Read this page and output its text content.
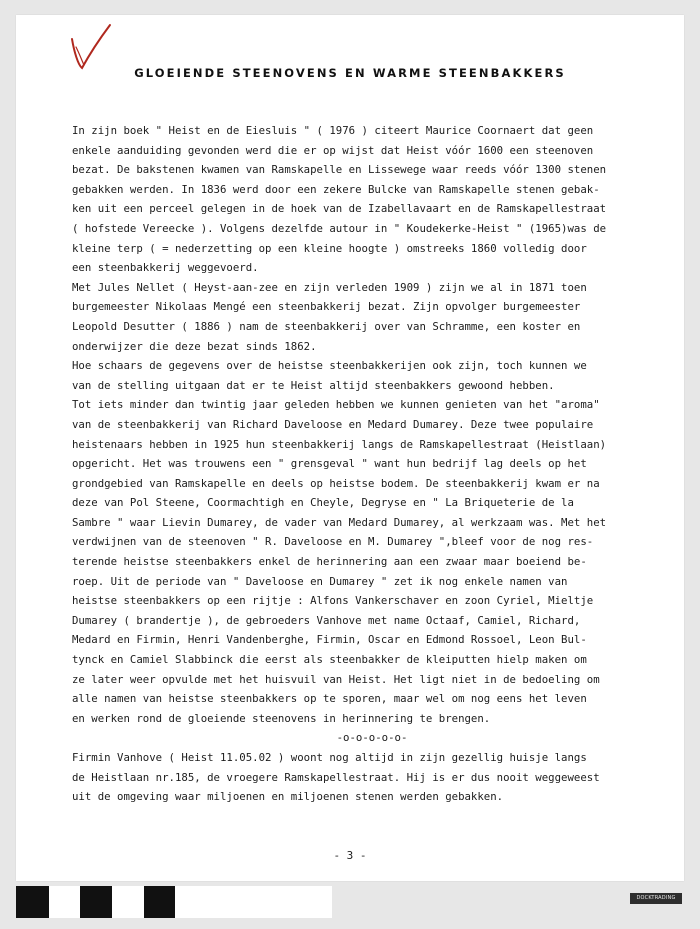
GLOEIENDE STEENOVENS EN WARME STEENBAKKERS
In zijn boek " Heist en de Eiesluis " ( 1976 ) citeert Maurice Coornaert dat geen
enkele aanduiding gevonden werd die er op wijst dat Heist vóór 1600 een steenoven
bezat. De bakstenen kwamen van Ramskapelle en Lissewege waar reeds vóór 1300 stenen
gebakken werden. In 1836 werd door een zekere Bulcke van Ramskapelle stenen gebak-
ken uit een perceel gelegen in de hoek van de Izabellavaart en de Ramskapellestraat
( hofstede Vereecke ). Volgens dezelfde autour in " Koudekerke-Heist " (1965)was de
kleine terp ( = nederzetting op een kleine hoogte ) omstreeks 1860 volledig door
een steenbakkerij weggevoerd.
Met Jules Nellet ( Heyst-aan-zee en zijn verleden 1909 ) zijn we al in 1871 toen
burgemeester Nikolaas Mengé een steenbakkerij bezat. Zijn opvolger burgemeester
Leopold Desutter ( 1886 ) nam de steenbakkerij over van Schramme, een koster en
onderwijzer die deze bezat sinds 1862.
Hoe schaars de gegevens over de heistse steenbakkerijen ook zijn, toch kunnen we
van de stelling uitgaan dat er te Heist altijd steenbakkers gewoond hebben.
Tot iets minder dan twintig jaar geleden hebben we kunnen genieten van het "aroma"
van de steenbakkerij van Richard Daveloose en Medard Dumarey. Deze twee populaire
heistenaars hebben in 1925 hun steenbakkerij langs de Ramskapellestraat (Heistlaan)
opgericht. Het was trouwens een " grensgeval " want hun bedrijf lag deels op het
grondgebied van Ramskapelle en deels op heistse bodem. De steenbakkerij kwam er na
deze van Pol Steene, Coormachtigh en Cheyle, Degryse en " La Briqueterie de la
Sambre " waar Lievin Dumarey, de vader van Medard Dumarey, al werkzaam was. Met het
verdwijnen van de steenoven " R. Daveloose en M. Dumarey ",bleef voor de nog res-
terende heistse steenbakkers enkel de herinnering aan een zwaar maar boeiend be-
roep. Uit de periode van " Daveloose en Dumarey " zet ik nog enkele namen van
heistse steenbakkers op een rijtje : Alfons Vankerschaver en zoon Cyriel, Mieltje
Dumarey ( brandertje ), de gebroeders Vanhove met name Octaaf, Camiel, Richard,
Medard en Firmin, Henri Vandenberghe, Firmin, Oscar en Edmond Rossoel, Leon Bul-
tynck en Camiel Slabbinck die eerst als steenbakker de kleiputten hielp maken om
ze later weer opvulde met het huisvuil van Heist. Het ligt niet in de bedoeling om
alle namen van heistse steenbakkers op te sporen, maar wel om nog eens het leven
en werken rond de gloeiende steenovens in herinnering te brengen.
-o-o-o-o-o-
Firmin Vanhove ( Heist 11.05.02 ) woont nog altijd in zijn gezellig huisje langs
de Heistlaan nr.185, de vroegere Ramskapellestraat. Hij is er dus nooit weggeweest
uit de omgeving waar miljoenen en miljoenen stenen werden gebakken.
- 3 -
DOCKTRADING
